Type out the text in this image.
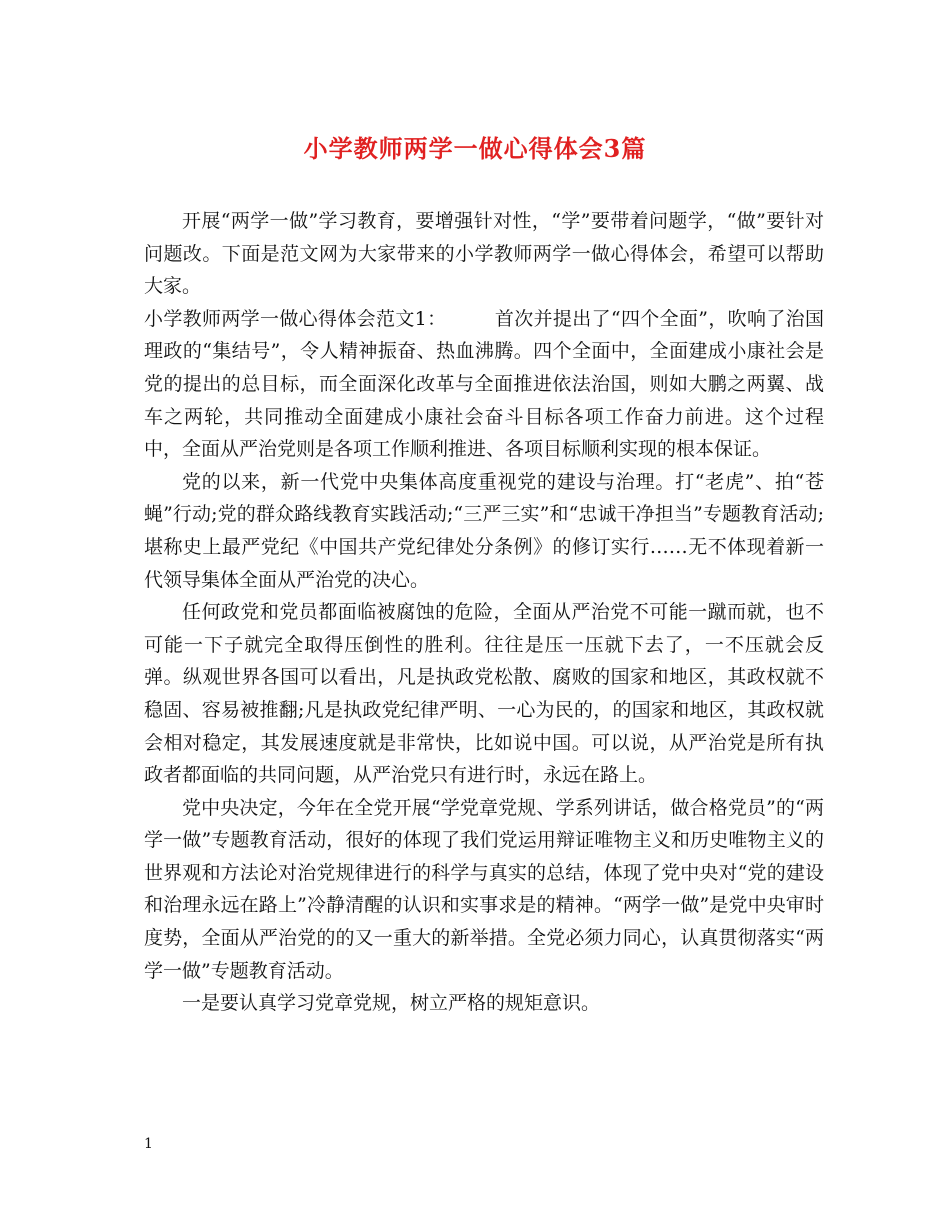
小学教师两学一做心得体会3篇

开展“两学一做”学习教育，要增强针对性，“学”要带着问题学，“做”要针对问题改。下面是范文网为大家带来的小学教师两学一做心得体会，希望可以帮助大家。

小学教师两学一做心得体会范文1：　　　首次并提出了“四个全面”，吹响了治国理政的“集结号”，令人精神振奋、热血沸腾。四个全面中，全面建成小康社会是党的提出的总目标，而全面深化改革与全面推进依法治国，则如大鹏之两翼、战车之两轮，共同推动全面建成小康社会奋斗目标各项工作奋力前进。这个过程中，全面从严治党则是各项工作顺利推进、各项目标顺利实现的根本保证。

党的以来，新一代党中央集体高度重视党的建设与治理。打“老虎”、拍“苍蝇”行动;党的群众路线教育实践活动;“三严三实”和“忠诚干净担当”专题教育活动;堪称史上最严党纪《中国共产党纪律处分条例》的修订实行……无不体现着新一代领导集体全面从严治党的决心。

任何政党和党员都面临被腐蚀的危险，全面从严治党不可能一蹴而就，也不可能一下子就完全取得压倒性的胜利。往往是压一压就下去了，一不压就会反弹。纵观世界各国可以看出，凡是执政党松散、腐败的国家和地区，其政权就不稳固、容易被推翻;凡是执政党纪律严明、一心为民的，的国家和地区，其政权就会相对稳定，其发展速度就是非常快，比如说中国。可以说，从严治党是所有执政者都面临的共同问题，从严治党只有进行时，永远在路上。

党中央决定，今年在全党开展“学党章党规、学系列讲话，做合格党员”的“两学一做”专题教育活动，很好的体现了我们党运用辩证唯物主义和历史唯物主义的世界观和方法论对治党规律进行的科学与真实的总结，体现了党中央对“党的建设和治理永远在路上”冷静清醒的认识和实事求是的精神。“两学一做”是党中央审时度势，全面从严治党的的又一重大的新举措。全党必须力同心，认真贯彻落实“两学一做”专题教育活动。

一是要认真学习党章党规，树立严格的规矩意识。

1
